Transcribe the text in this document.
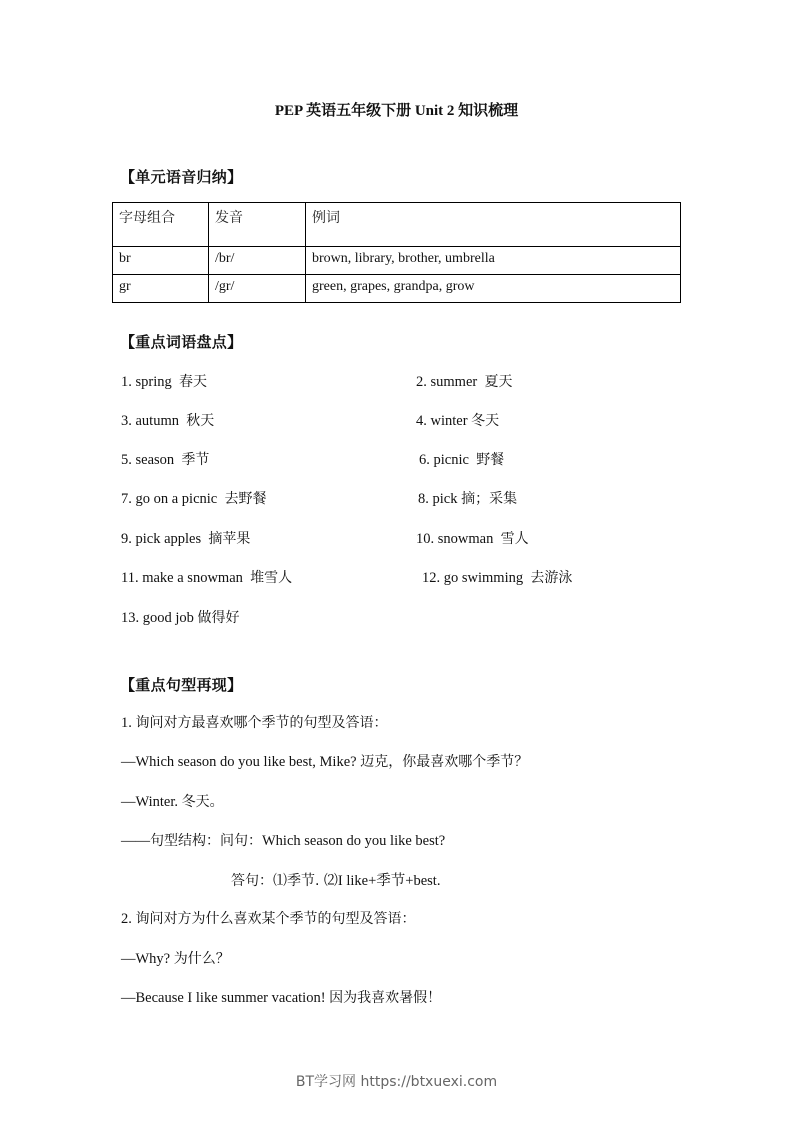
PEP 英语五年级下册 Unit 2 知识梳理
【单元语音归纳】
字母组合	发音	例词
br	/br/	brown, library, brother, umbrella
gr	/gr/	green, grapes, grandpa, grow
【重点词语盘点】
1. spring 春天	2. summer 夏天
3. autumn 秋天	4. winter 冬天
5. season 季节	6. picnic 野餐
7. go on a picnic 去野餐	8. pick 摘；采集
9. pick apples 摘苹果	10. snowman 雪人
11. make a snowman 堆雪人	12. go swimming 去游泳
13. good job 做得好
【重点句型再现】
1. 询问对方最喜欢哪个季节的句型及答语：
—Which season do you like best, Mike? 迈克，你最喜欢哪个季节？
—Winter. 冬天。
——句型结构：问句：Which season do you like best?
答句：⑴季节. ⑵I like+季节+best.
2. 询问对方为什么喜欢某个季节的句型及答语：
—Why? 为什么？
—Because I like summer vacation! 因为我喜欢暑假！
BT学习网 https://btxuexi.com
